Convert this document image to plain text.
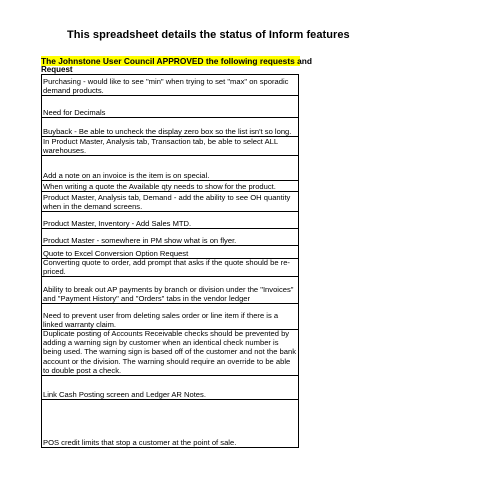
This spreadsheet details the status of Inform features
The Johnstone User Council APPROVED the following requests and
Request
Purchasing - would like to see "min" when trying to set "max" on sporadic demand products.
Need for Decimals
Buyback - Be able to uncheck the display zero box so the list isn't so long.
In Product Master, Analysis tab, Transaction tab, be able to select ALL warehouses.
Add a note on an invoice is the item is on special.
When writing a quote the Available qty needs to show for the product.
Product Master, Analysis tab, Demand - add the ability to see OH quantity when in the demand screens.
Product Master, Inventory - Add Sales MTD.
Product Master - somewhere in PM show what is on flyer.
Quote to Excel Conversion Option Request
Converting quote to order, add prompt that asks if the quote should be re-priced.
Ability to break out AP payments by branch or division under the "Invoices" and "Payment History" and "Orders" tabs in the vendor ledger
Need to prevent user from deleting sales order or line item if there is a linked warranty claim.
Duplicate posting of Accounts Receivable checks should be prevented by adding a warning sign by customer when an identical check number is being used. The warning sign is based off of the customer and not the bank account or the division. The warning should require an override to be able to double post a check.
Link Cash Posting screen and Ledger AR Notes.
POS credit limits that stop a customer at the point of sale.
